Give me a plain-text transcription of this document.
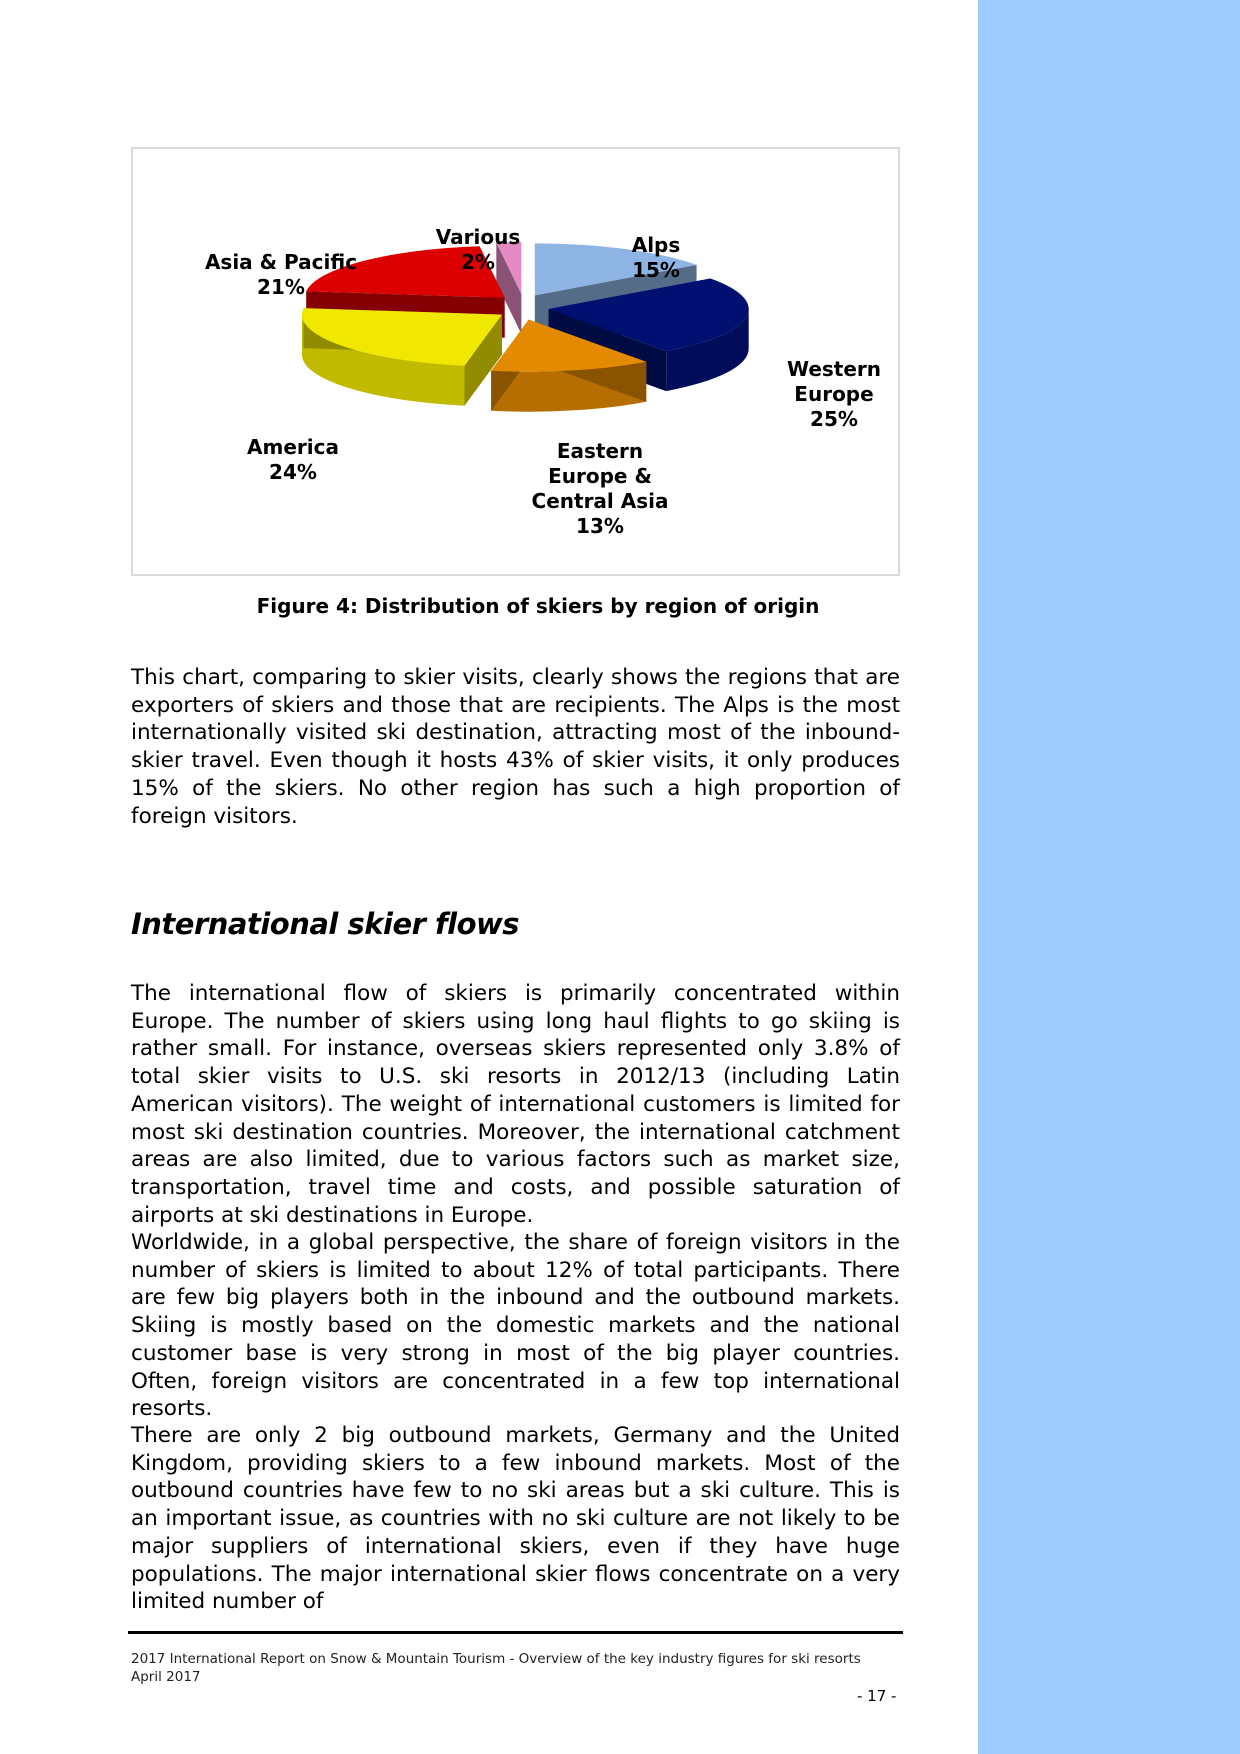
Asia & Pacific
21%
Various
2%
Alps
15%
Western
Europe
25%
Eastern
Europe &
Central Asia
13%
America
24%
Figure 4: Distribution of skiers by region of origin

This chart, comparing to skier visits, clearly shows the regions that are exporters of skiers and those that are recipients. The Alps is the most internationally visited ski destination, attracting most of the inbound-skier travel. Even though it hosts 43% of skier visits, it only produces 15% of the skiers. No other region has such a high proportion of foreign visitors.

International skier flows

The international flow of skiers is primarily concentrated within Europe. The number of skiers using long haul flights to go skiing is rather small. For instance, overseas skiers represented only 3.8% of total skier visits to U.S. ski resorts in 2012/13 (including Latin American visitors). The weight of international customers is limited for most ski destination countries. Moreover, the international catchment areas are also limited, due to various factors such as market size, transportation, travel time and costs, and possible saturation of airports at ski destinations in Europe.

Worldwide, in a global perspective, the share of foreign visitors in the number of skiers is limited to about 12% of total participants. There are few big players both in the inbound and the outbound markets. Skiing is mostly based on the domestic markets and the national customer base is very strong in most of the big player countries. Often, foreign visitors are concentrated in a few top international resorts.

There are only 2 big outbound markets, Germany and the United Kingdom, providing skiers to a few inbound markets. Most of the outbound countries have few to no ski areas but a ski culture. This is an important issue, as countries with no ski culture are not likely to be major suppliers of international skiers, even if they have huge populations. The major international skier flows concentrate on a very limited number of

2017 International Report on Snow & Mountain Tourism - Overview of the key industry figures for ski resorts
April 2017
- 17 -
